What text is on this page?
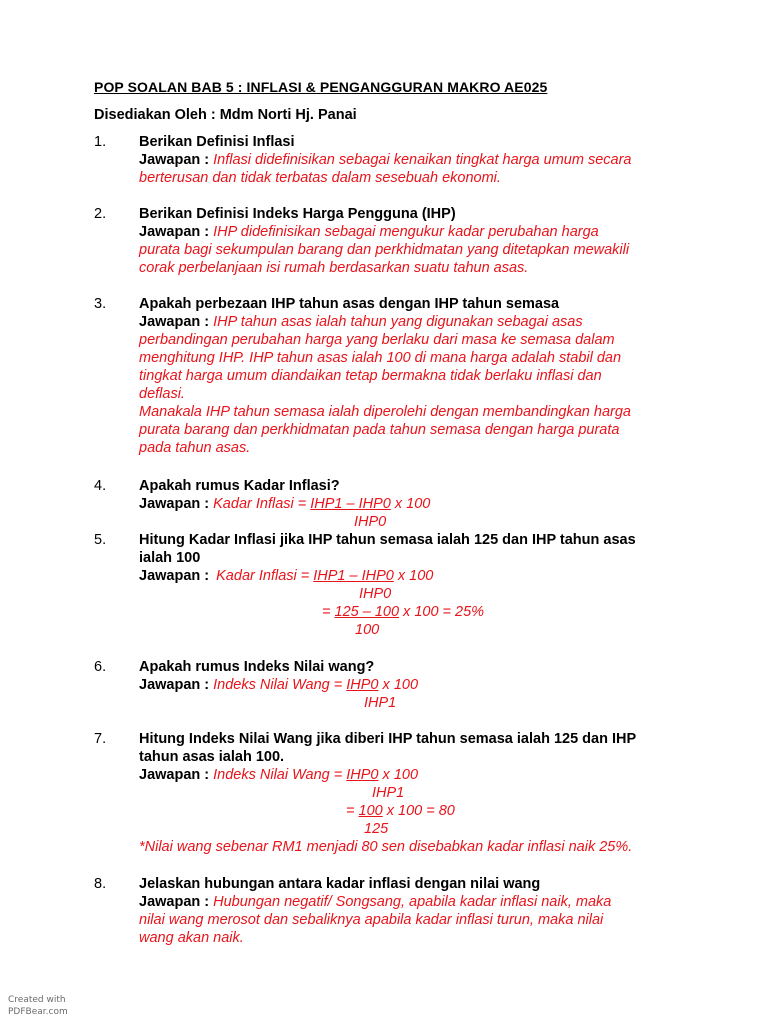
POP SOALAN BAB 5 : INFLASI & PENGANGGURAN MAKRO AE025
Disediakan Oleh : Mdm Norti Hj. Panai
1. Berikan Definisi Inflasi
Jawapan : Inflasi didefinisikan sebagai kenaikan tingkat harga umum secara
berterusan dan tidak terbatas dalam sesebuah ekonomi.
2. Berikan Definisi Indeks Harga Pengguna (IHP)
Jawapan : IHP didefinisikan sebagai mengukur kadar perubahan harga
purata bagi sekumpulan barang dan perkhidmatan yang ditetapkan mewakili
corak perbelanjaan isi rumah berdasarkan suatu tahun asas.
3. Apakah perbezaan IHP tahun asas dengan IHP tahun semasa
Jawapan : IHP tahun asas ialah tahun yang digunakan sebagai asas
perbandingan perubahan harga yang berlaku dari masa ke semasa dalam
menghitung IHP. IHP tahun asas ialah 100 di mana harga adalah stabil dan
tingkat harga umum diandaikan tetap bermakna tidak berlaku inflasi dan
deflasi.
Manakala IHP tahun semasa ialah diperolehi dengan membandingkan harga
purata barang dan perkhidmatan pada tahun semasa dengan harga purata
pada tahun asas.
4. Apakah rumus Kadar Inflasi?
Jawapan : Kadar Inflasi = IHP1 – IHP0 x 100
IHP0
5. Hitung Kadar Inflasi jika IHP tahun semasa ialah 125 dan IHP tahun asas
ialah 100
Jawapan : Kadar Inflasi = IHP1 – IHP0 x 100
IHP0
= 125 – 100 x 100 = 25%
100
6. Apakah rumus Indeks Nilai wang?
Jawapan : Indeks Nilai Wang = IHP0 x 100
IHP1
7. Hitung Indeks Nilai Wang jika diberi IHP tahun semasa ialah 125 dan IHP
tahun asas ialah 100.
Jawapan : Indeks Nilai Wang = IHP0 x 100
IHP1
= 100 x 100 = 80
125
*Nilai wang sebenar RM1 menjadi 80 sen disebabkan kadar inflasi naik 25%.
8. Jelaskan hubungan antara kadar inflasi dengan nilai wang
Jawapan : Hubungan negatif/ Songsang, apabila kadar inflasi naik, maka
nilai wang merosot dan sebaliknya apabila kadar inflasi turun, maka nilai
wang akan naik.
Created with
PDFBear.com
